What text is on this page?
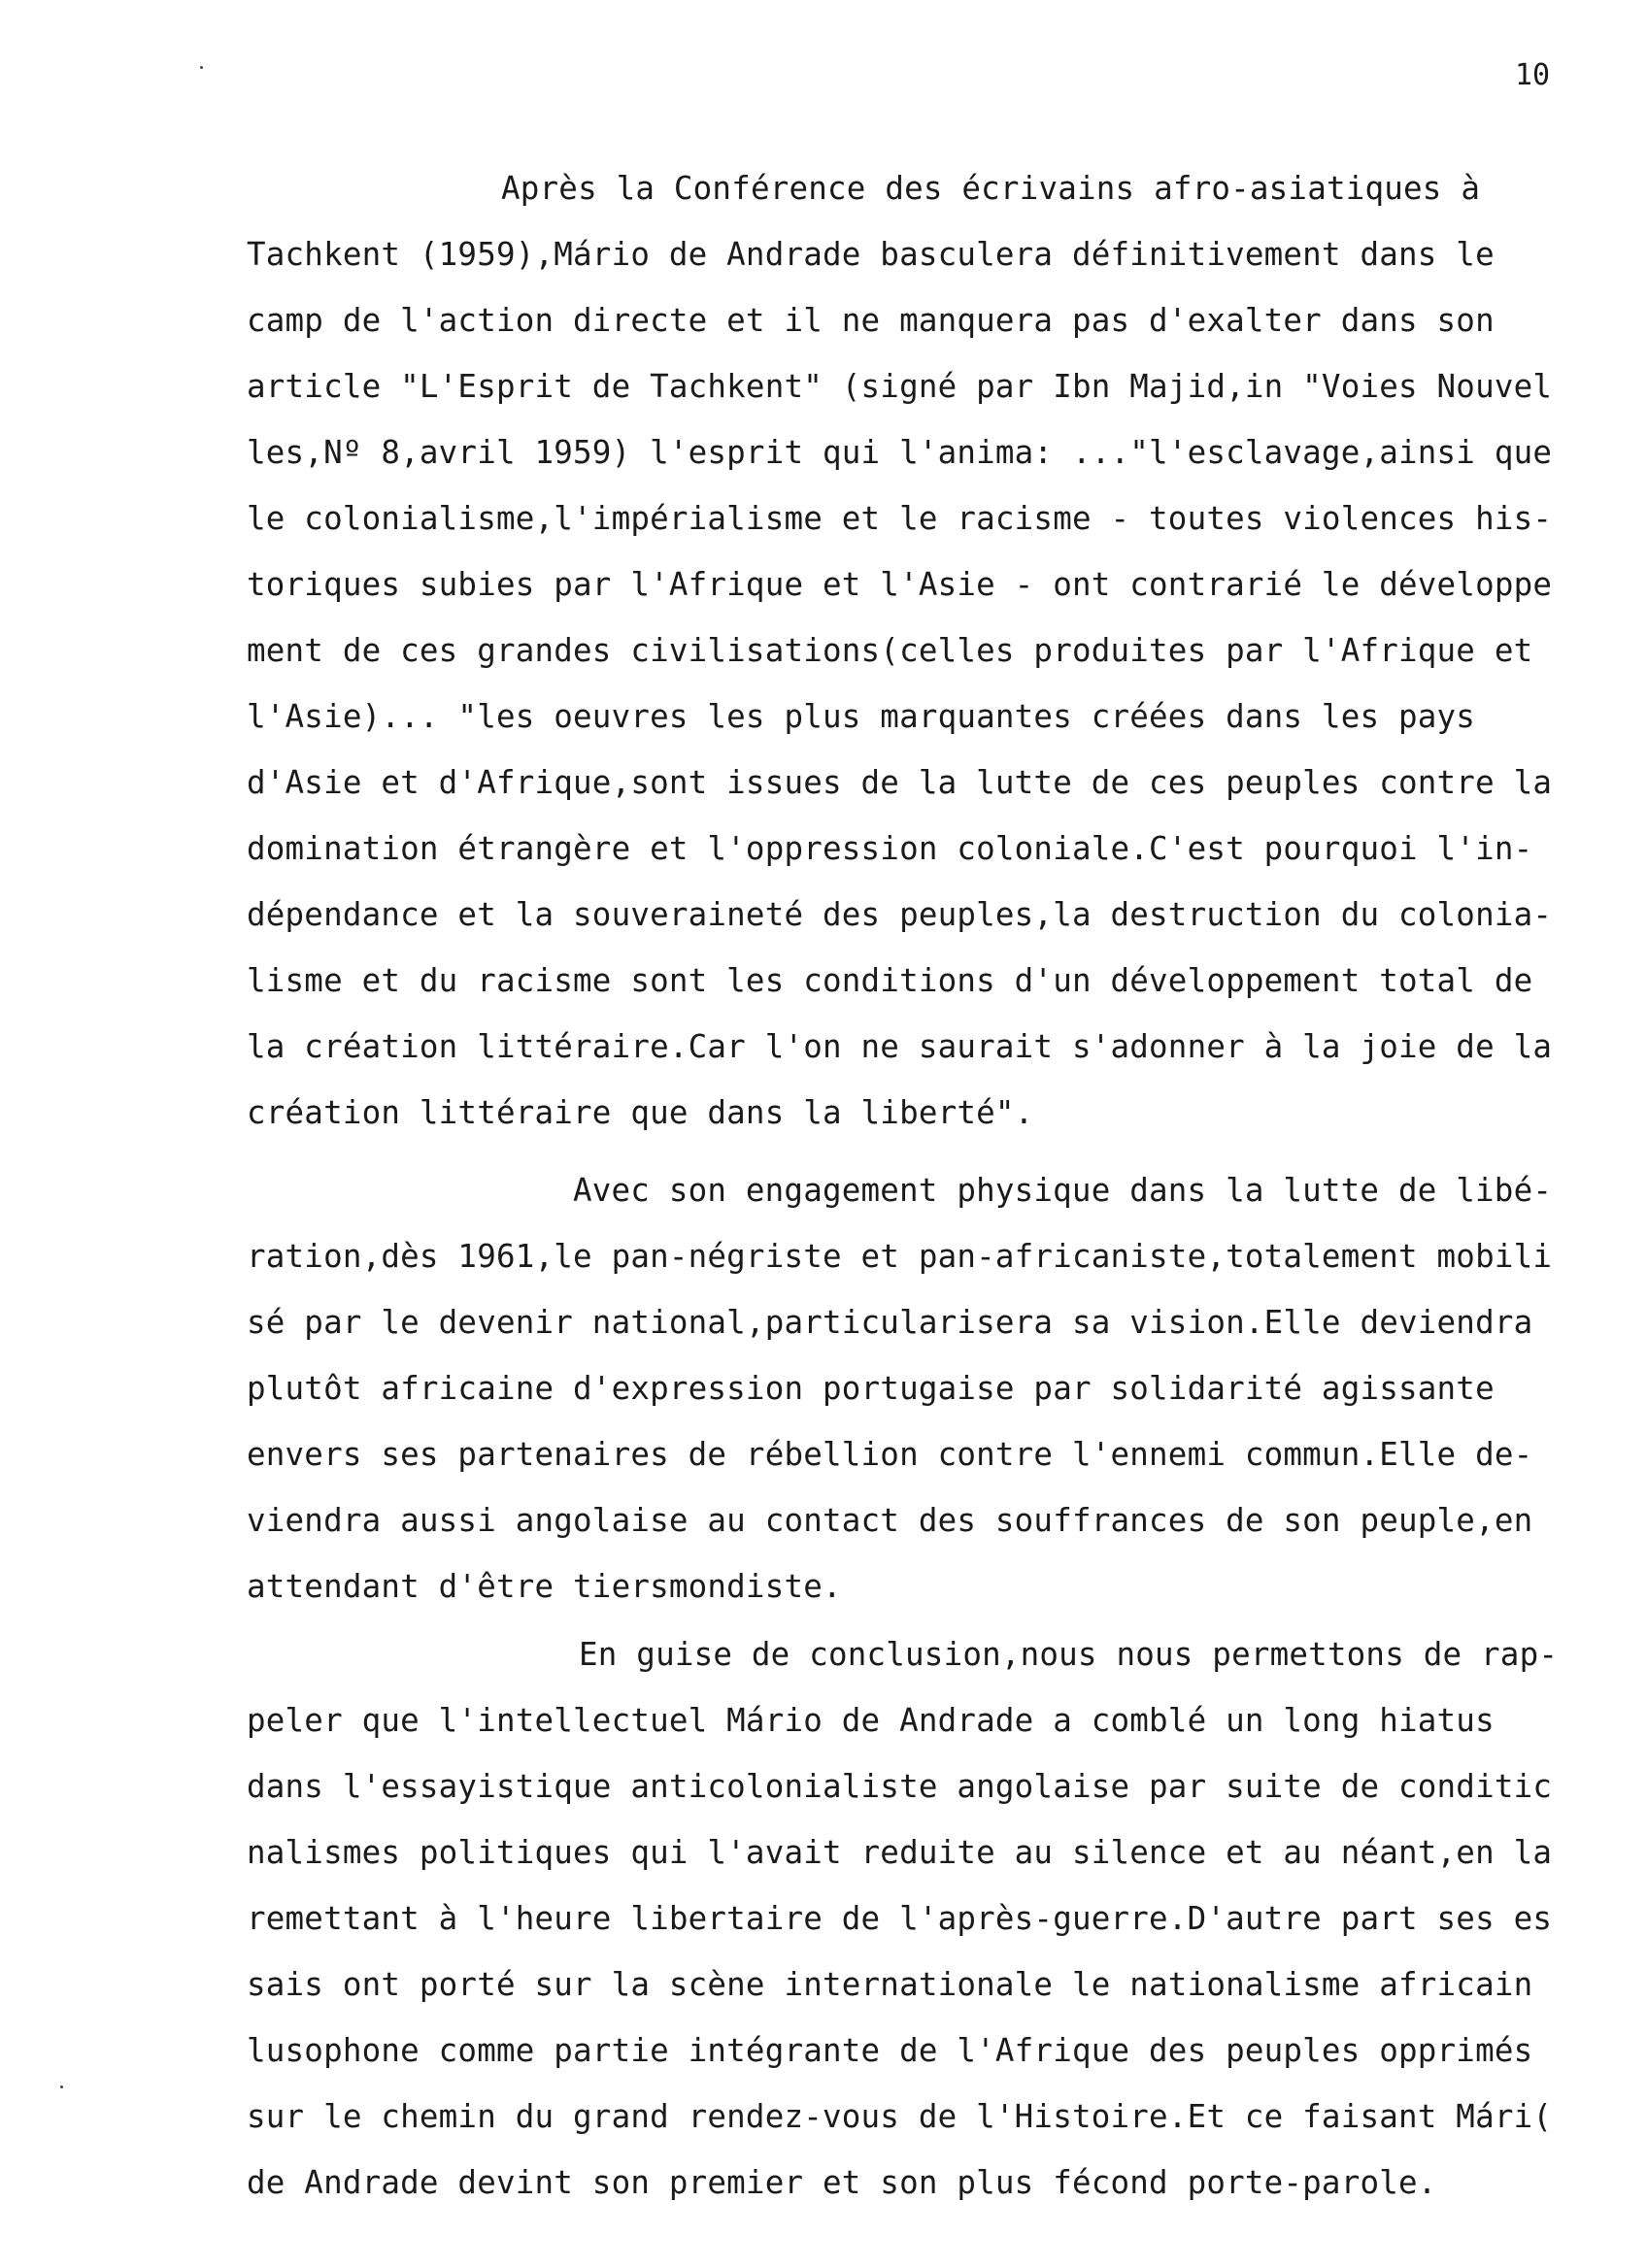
10
Après la Conférence des écrivains afro-asiatiques à
Tachkent (1959),Mário de Andrade basculera définitivement dans le
camp de l'action directe et il ne manquera pas d'exalter dans son
article "L'Esprit de Tachkent" (signé par Ibn Majid,in "Voies Nouvel
les,Nº 8,avril 1959) l'esprit qui l'anima: ..."l'esclavage,ainsi que
le colonialisme,l'impérialisme et le racisme - toutes violences his-
toriques subies par l'Afrique et l'Asie - ont contrarié le développe
ment de ces grandes civilisations(celles produites par l'Afrique et
l'Asie)... "les oeuvres les plus marquantes créées dans les pays
d'Asie et d'Afrique,sont issues de la lutte de ces peuples contre la
domination étrangère et l'oppression coloniale.C'est pourquoi l'in-
dépendance et la souveraineté des peuples,la destruction du colonia-
lisme et du racisme sont les conditions d'un développement total de
la création littéraire.Car l'on ne saurait s'adonner à la joie de la
création littéraire que dans la liberté".
Avec son engagement physique dans la lutte de libé-
ration,dès 1961,le pan-négriste et pan-africaniste,totalement mobili
sé par le devenir national,particularisera sa vision.Elle deviendra
plutôt africaine d'expression portugaise par solidarité agissante
envers ses partenaires de rébellion contre l'ennemi commun.Elle de-
viendra aussi angolaise au contact des souffrances de son peuple,en
attendant d'être tiersmondiste.
En guise de conclusion,nous nous permettons de rap-
peler que l'intellectuel Mário de Andrade a comblé un long hiatus
dans l'essayistique anticolonialiste angolaise par suite de conditic
nalismes politiques qui l'avait reduite au silence et au néant,en la
remettant à l'heure libertaire de l'après-guerre.D'autre part ses es
sais ont porté sur la scène internationale le nationalisme africain
lusophone comme partie intégrante de l'Afrique des peuples opprimés
sur le chemin du grand rendez-vous de l'Histoire.Et ce faisant Mári(
de Andrade devint son premier et son plus fécond porte-parole.
